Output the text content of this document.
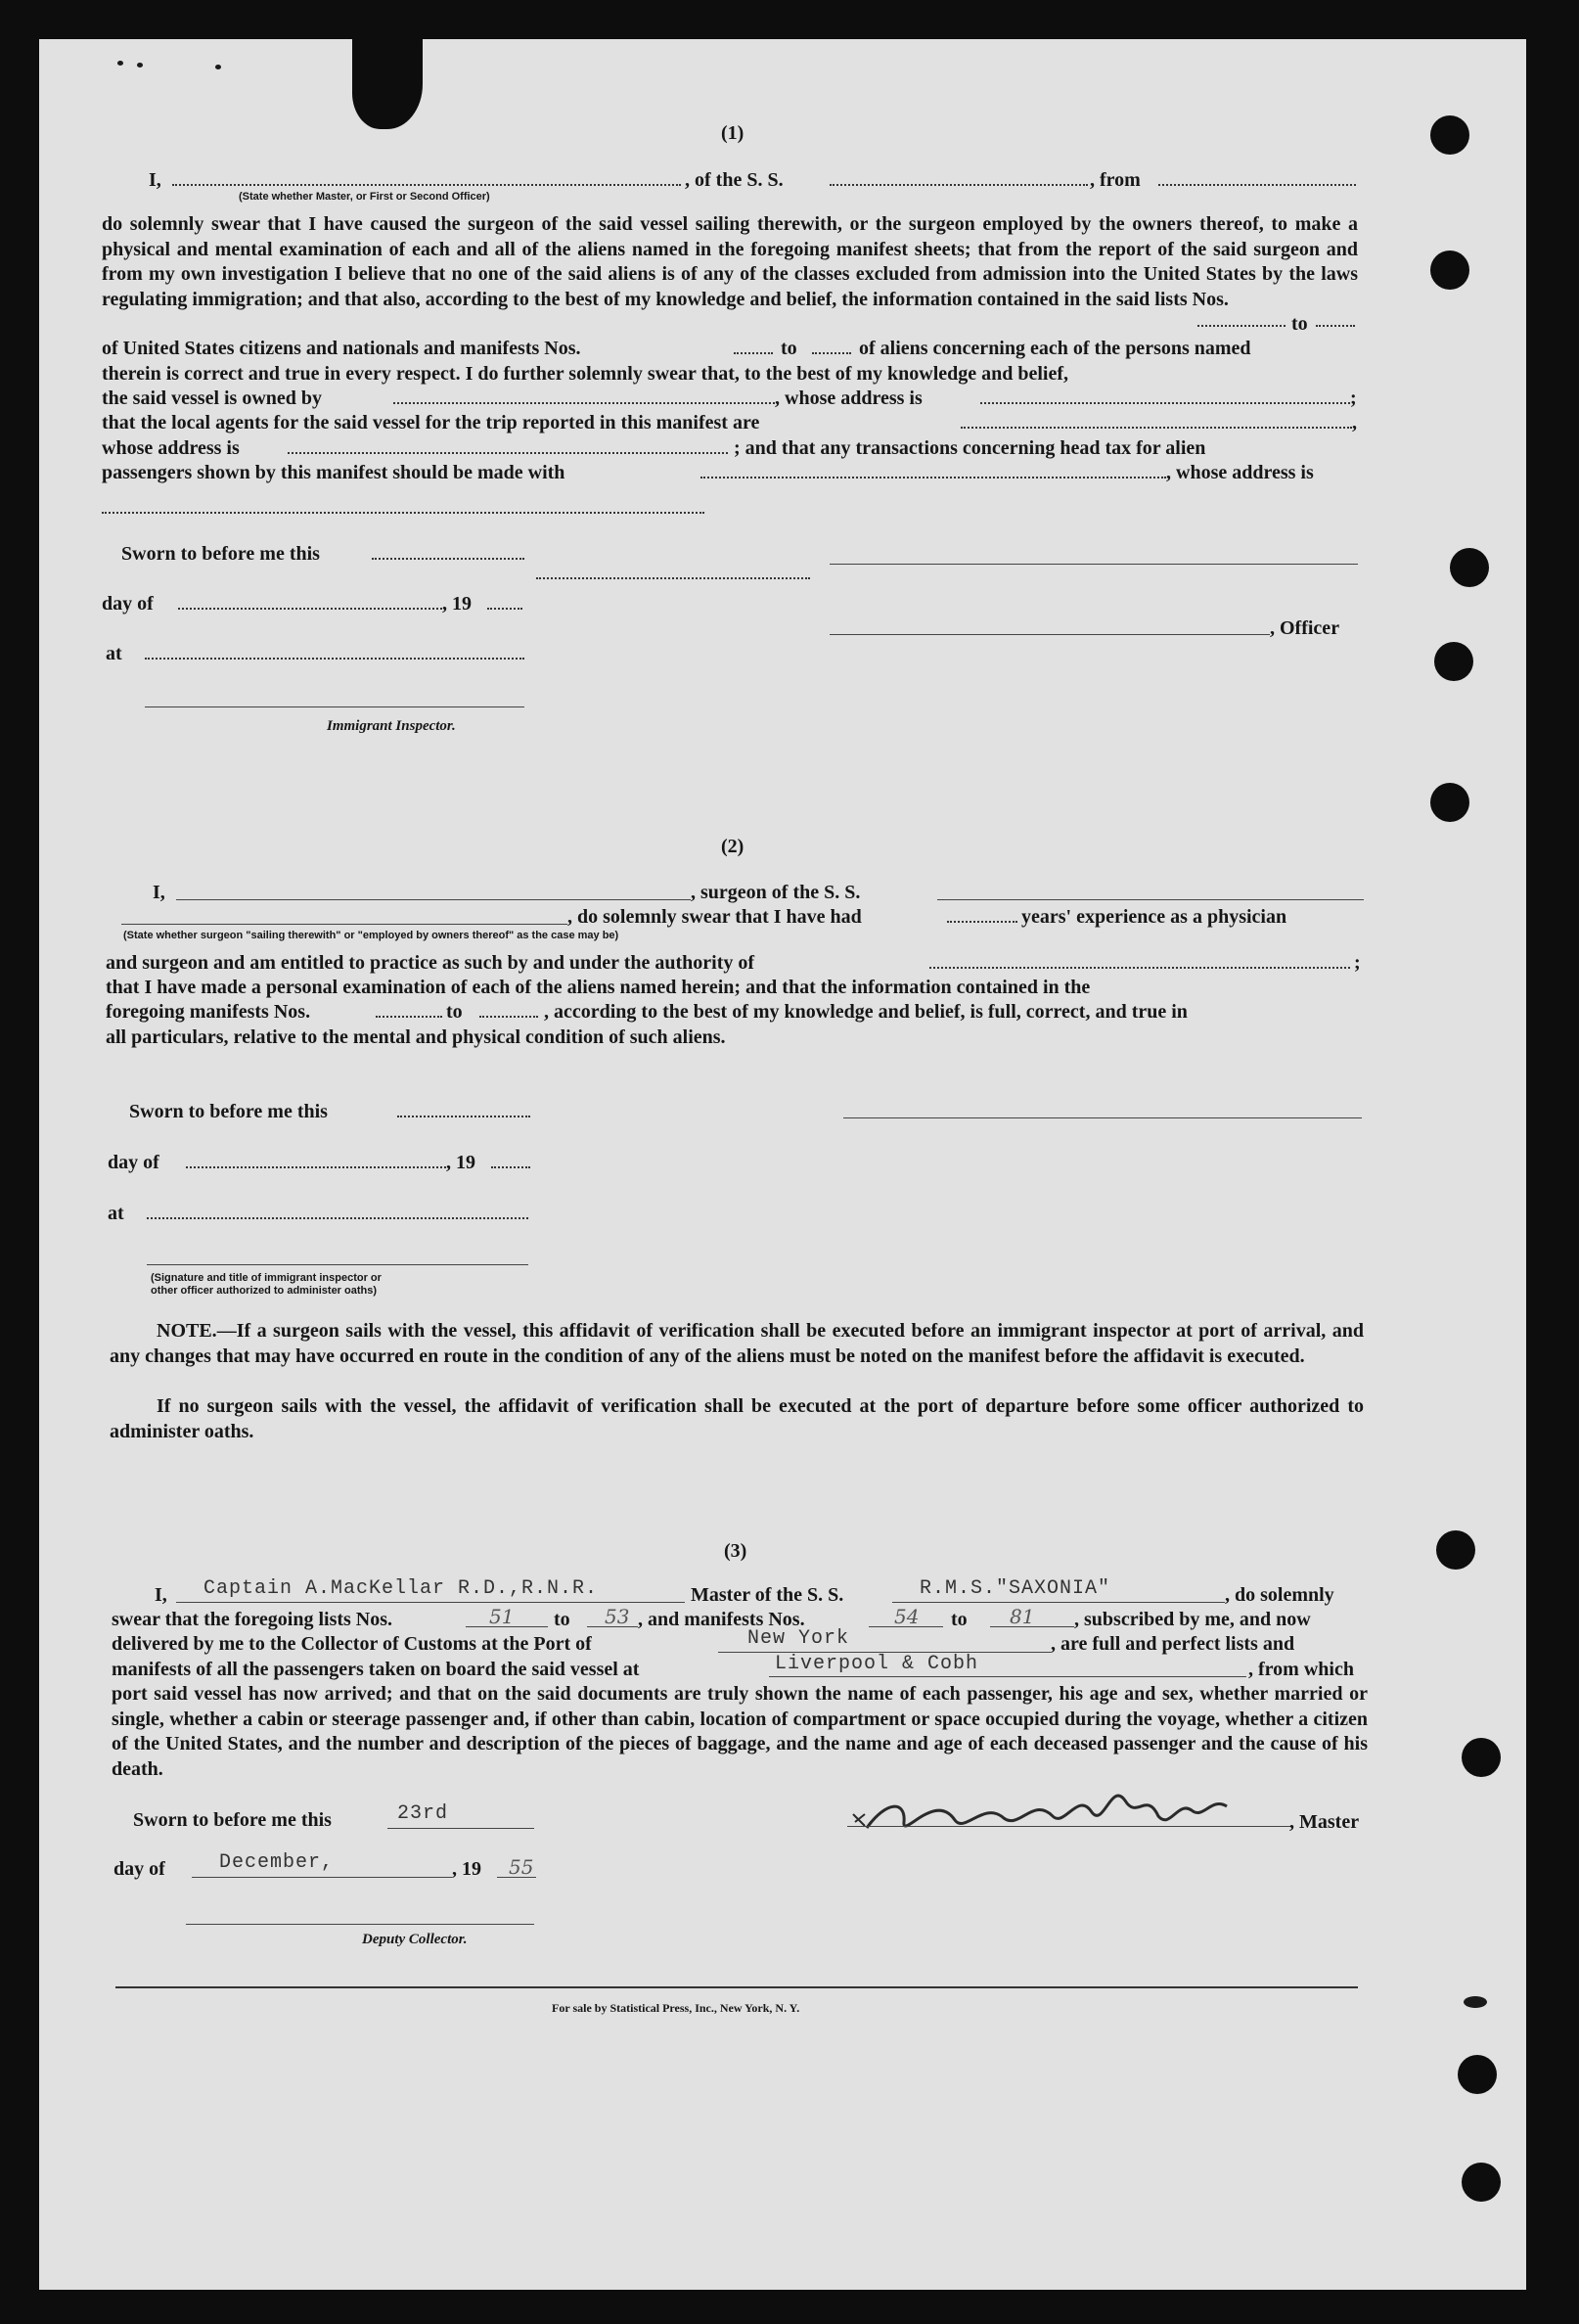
(1)
I,
(State whether Master, or First or Second Officer)
, of the S. S.	, from
do solemnly swear that I have caused the surgeon of the said vessel sailing therewith, or the surgeon employed by the owners thereof, to make a physical and mental examination of each and all of the aliens named in the foregoing manifest sheets; that from the report of the said surgeon and from my own investigation I believe that no one of the said aliens is of any of the classes excluded from admission into the United States by the laws regulating immigration; and that also, according to the best of my knowledge and belief, the information contained in the said lists Nos.
to
of United States citizens and nationals and manifests Nos.	to	of aliens concerning each of the persons named
therein is correct and true in every respect. I do further solemnly swear that, to the best of my knowledge and belief,
the said vessel is owned by	, whose address is	;
that the local agents for the said vessel for the trip reported in this manifest are	,
whose address is	; and that any transactions concerning head tax for alien
passengers shown by this manifest should be made with	, whose address is
Sworn to before me this
day of	, 19
, Officer
at
Immigrant Inspector.
(2)
I,	, surgeon of the S. S.
, do solemnly swear that I have had	years' experience as a physician
(State whether surgeon "sailing therewith" or "employed by owners thereof" as the case may be)
and surgeon and am entitled to practice as such by and under the authority of	;
that I have made a personal examination of each of the aliens named herein; and that the information contained in the
foregoing manifests Nos.	to	, according to the best of my knowledge and belief, is full, correct, and true in
all particulars, relative to the mental and physical condition of such aliens.
Sworn to before me this
day of	, 19
at
(Signature and title of immigrant inspector or
other officer authorized to administer oaths)
NOTE.—If a surgeon sails with the vessel, this affidavit of verification shall be executed before an immigrant inspector at port of arrival, and any changes that may have occurred en route in the condition of any of the aliens must be noted on the manifest before the affidavit is executed.
If no surgeon sails with the vessel, the affidavit of verification shall be executed at the port of departure before some officer authorized to administer oaths.
(3)
I, Captain A.MacKellar R.D.,R.N.R.	Master of the S. S.	R.M.S."SAXONIA"	, do solemnly
swear that the foregoing lists Nos.	51 to 53 , and manifests Nos.	54 to 81 , subscribed by me, and now
delivered by me to the Collector of Customs at the Port of	New York	, are full and perfect lists and
manifests of all the passengers taken on board the said vessel at	Liverpool & Cobh	, from which
port said vessel has now arrived; and that on the said documents are truly shown the name of each passenger, his age and sex, whether married or single, whether a cabin or steerage passenger and, if other than cabin, location of compartment or space occupied during the voyage, whether a citizen of the United States, and the number and description of the pieces of baggage, and the name and age of each deceased passenger and the cause of his death.
Sworn to before me this	23rd	, Master
day of	December,	, 19 55
Deputy Collector.
For sale by Statistical Press, Inc., New York, N. Y.
